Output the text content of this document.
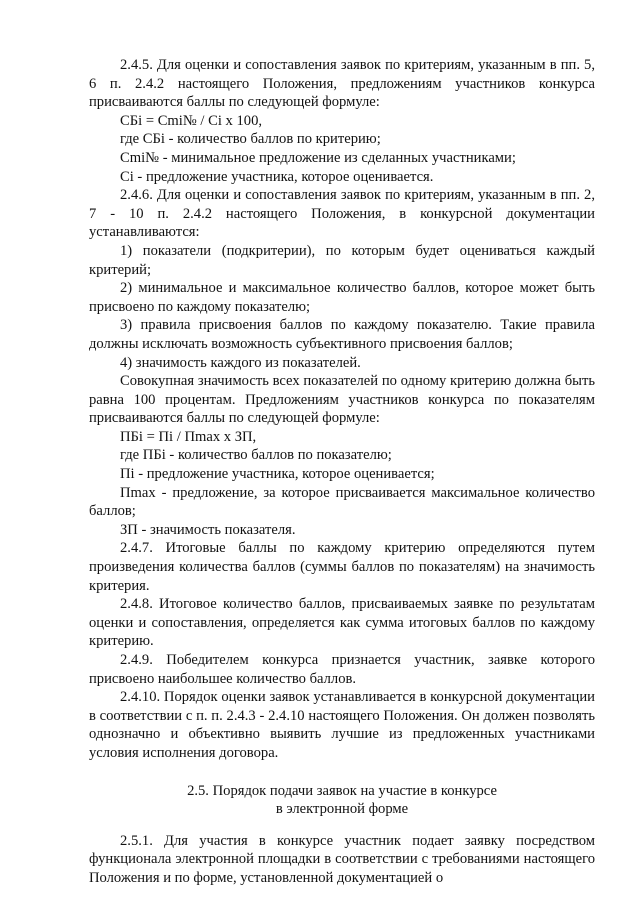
2.4.5. Для оценки и сопоставления заявок по критериям, указанным в пп. 5, 6 п. 2.4.2 настоящего Положения, предложениям участников конкурса присваиваются баллы по следующей формуле:

СБi = Cmi№ / Ci х 100,

где СБi - количество баллов по критерию;

Cmi№ - минимальное предложение из сделанных участниками;

Ci - предложение участника, которое оценивается.

2.4.6. Для оценки и сопоставления заявок по критериям, указанным в пп. 2, 7 - 10 п. 2.4.2 настоящего Положения, в конкурсной документации устанавливаются:

1) показатели (подкритерии), по которым будет оцениваться каждый критерий;

2) минимальное и максимальное количество баллов, которое может быть присвоено по каждому показателю;

3) правила присвоения баллов по каждому показателю. Такие правила должны исключать возможность субъективного присвоения баллов;

4) значимость каждого из показателей.

Совокупная значимость всех показателей по одному критерию должна быть равна 100 процентам. Предложениям участников конкурса по показателям присваиваются баллы по следующей формуле:

ПБi = Пi / Пmax х ЗП,

где ПБi - количество баллов по показателю;

Пi - предложение участника, которое оценивается;

Пmax - предложение, за которое присваивается максимальное количество баллов;

ЗП - значимость показателя.

2.4.7. Итоговые баллы по каждому критерию определяются путем произведения количества баллов (суммы баллов по показателям) на значимость критерия.

2.4.8. Итоговое количество баллов, присваиваемых заявке по результатам оценки и сопоставления, определяется как сумма итоговых баллов по каждому критерию.

2.4.9. Победителем конкурса признается участник, заявке которого присвоено наибольшее количество баллов.

2.4.10. Порядок оценки заявок устанавливается в конкурсной документации в соответствии с п. п. 2.4.3 - 2.4.10 настоящего Положения. Он должен позволять однозначно и объективно выявить лучшие из предложенных участниками условия исполнения договора.

2.5. Порядок подачи заявок на участие в конкурсе

в электронной форме

2.5.1. Для участия в конкурсе участник подает заявку посредством функционала электронной площадки в соответствии с требованиями настоящего Положения и по форме, установленной документацией о
